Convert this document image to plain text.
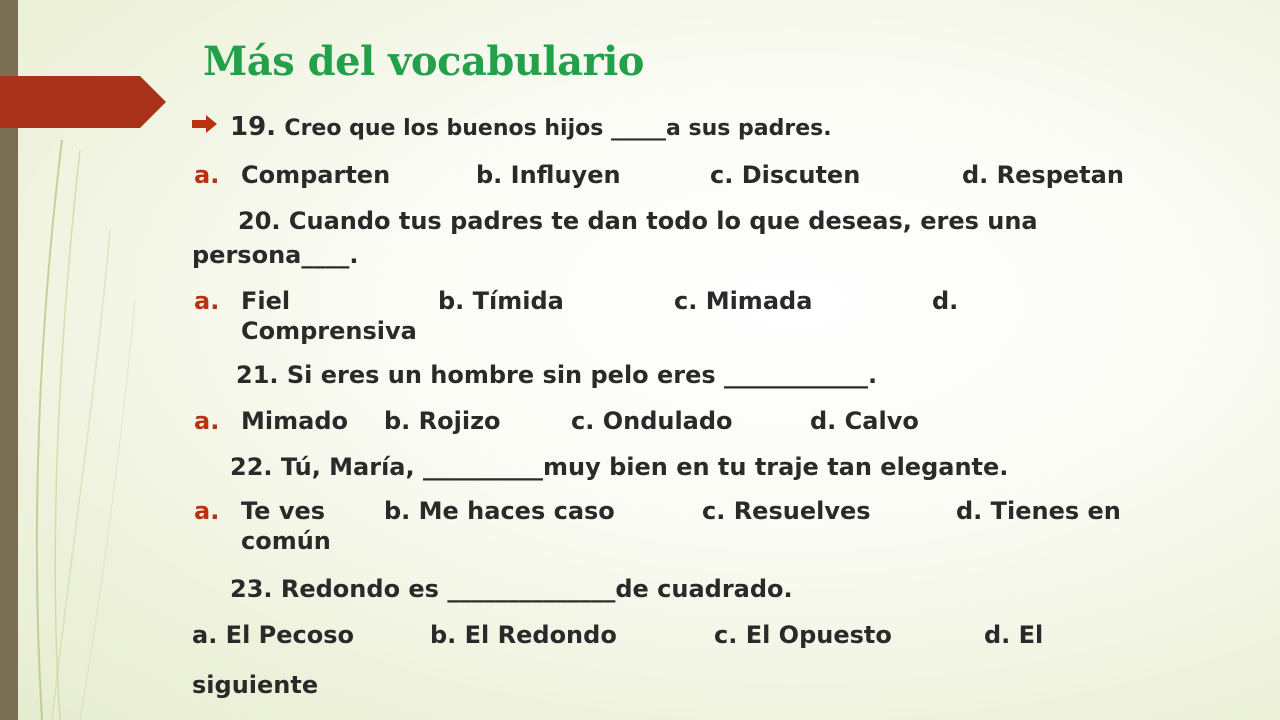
Más del vocabulario
19. Creo que los buenos hijos _____a sus padres.
a. Comparten	b. Influyen	c. Discuten	d. Respetan
20. Cuando tus padres te dan todo lo que deseas, eres una
persona____.
a. Fiel	b. Tímida	c. Mimada	d.
Comprensiva
21. Si eres un hombre sin pelo eres ____________.
a. Mimado b. Rojizo	c. Ondulado	d. Calvo
22. Tú, María, __________muy bien en tu traje tan elegante.
a. Te ves b. Me haces caso	c. Resuelves	d. Tienes en
común
23. Redondo es ______________de cuadrado.
a. El Pecoso	b. El Redondo	c. El Opuesto	d. El
siguiente
